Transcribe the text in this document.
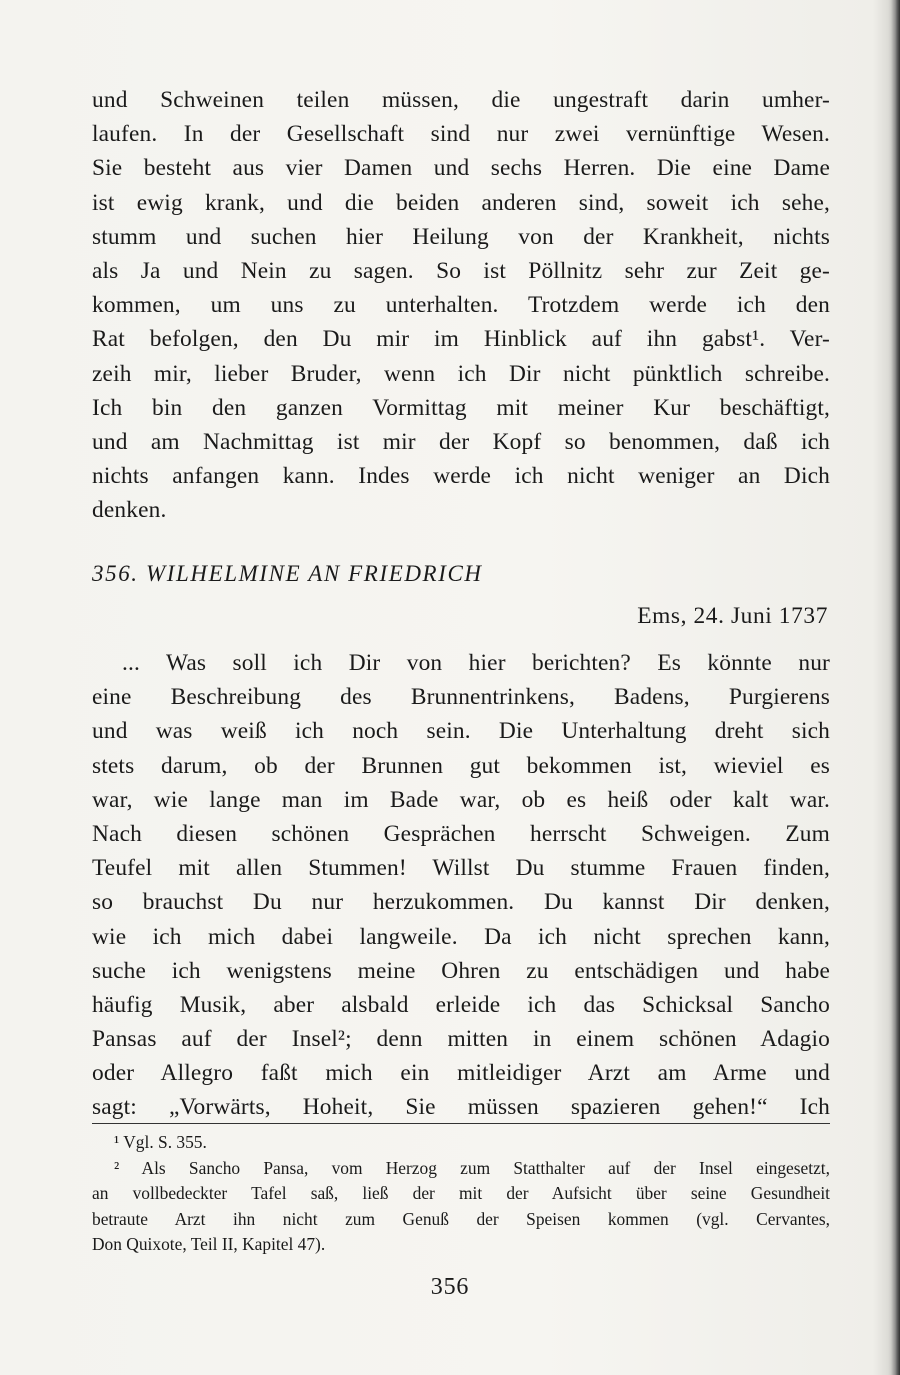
und Schweinen teilen müssen, die ungestraft darin umher-
laufen. In der Gesellschaft sind nur zwei vernünftige Wesen.
Sie besteht aus vier Damen und sechs Herren. Die eine Dame
ist ewig krank, und die beiden anderen sind, soweit ich sehe,
stumm und suchen hier Heilung von der Krankheit, nichts
als Ja und Nein zu sagen. So ist Pöllnitz sehr zur Zeit ge-
kommen, um uns zu unterhalten. Trotzdem werde ich den
Rat befolgen, den Du mir im Hinblick auf ihn gabst¹. Ver-
zeih mir, lieber Bruder, wenn ich Dir nicht pünktlich schreibe.
Ich bin den ganzen Vormittag mit meiner Kur beschäftigt,
und am Nachmittag ist mir der Kopf so benommen, daß ich
nichts anfangen kann. Indes werde ich nicht weniger an Dich
denken.
356. WILHELMINE AN FRIEDRICH
Ems, 24. Juni 1737
... Was soll ich Dir von hier berichten? Es könnte nur
eine Beschreibung des Brunnentrinkens, Badens, Purgierens
und was weiß ich noch sein. Die Unterhaltung dreht sich
stets darum, ob der Brunnen gut bekommen ist, wieviel es
war, wie lange man im Bade war, ob es heiß oder kalt war.
Nach diesen schönen Gesprächen herrscht Schweigen. Zum
Teufel mit allen Stummen! Willst Du stumme Frauen finden,
so brauchst Du nur herzukommen. Du kannst Dir denken,
wie ich mich dabei langweile. Da ich nicht sprechen kann,
suche ich wenigstens meine Ohren zu entschädigen und habe
häufig Musik, aber alsbald erleide ich das Schicksal Sancho
Pansas auf der Insel²; denn mitten in einem schönen Adagio
oder Allegro faßt mich ein mitleidiger Arzt am Arme und
sagt: „Vorwärts, Hoheit, Sie müssen spazieren gehen!“ Ich
¹ Vgl. S. 355.
² Als Sancho Pansa, vom Herzog zum Statthalter auf der Insel eingesetzt,
an vollbedeckter Tafel saß, ließ der mit der Aufsicht über seine Gesundheit
betraute Arzt ihn nicht zum Genuß der Speisen kommen (vgl. Cervantes,
Don Quixote, Teil II, Kapitel 47).
356
